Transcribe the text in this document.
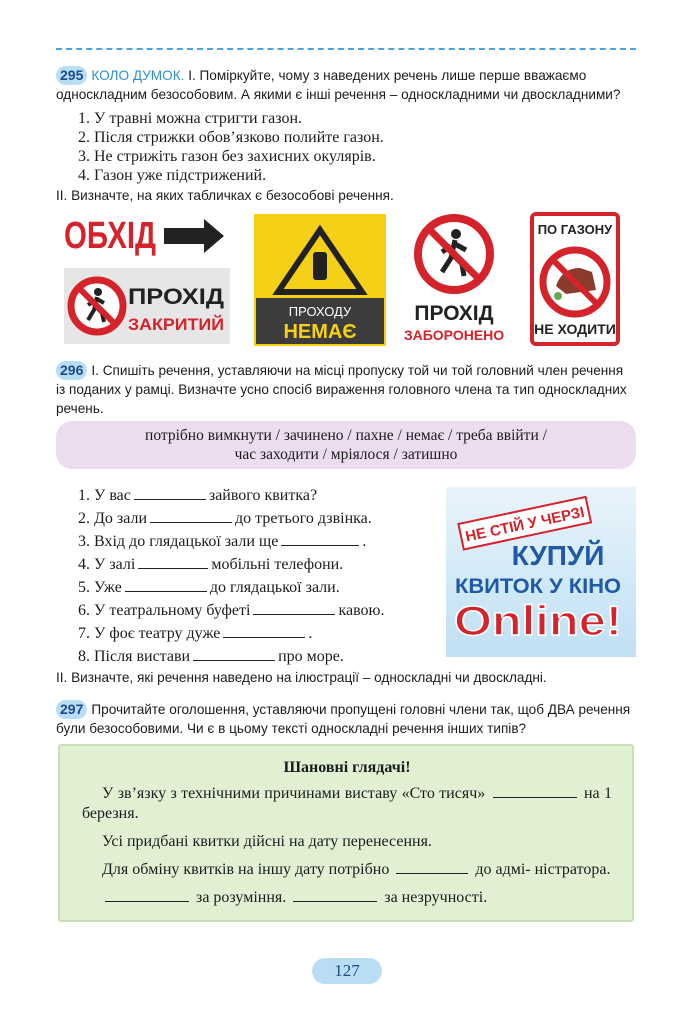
295 КОЛО ДУМОК. І. Поміркуйте, чому з наведених речень лише перше вважаємо односкладним безособовим. А якими є інші речення – односкладними чи двоскладними?
1. У травні можна стригти газон.
2. Після стрижки обов’язково полийте газон.
3. Не стрижіть газон без захисних окулярів.
4. Газон уже підстрижений.
ІІ. Визначте, на яких табличках є безособові речення.
ОБХІД
ПРОХІД
ЗАКРИТИЙ
ПРОХОДУ
НЕМАЄ
ПРОХІД
ЗАБОРОНЕНО
ПО ГАЗОНУ
НЕ ХОДИТИ
296 І. Спишіть речення, уставляючи на місці пропуску той чи той головний член речення із поданих у рамці. Визначте усно спосіб вираження головного члена та тип односкладних речень.
потрібно вимкнути / зачинено / пахне / немає / треба ввійти /
час заходити / мріялося / затишно
1. У вас	зайвого квитка?
2. До зали	до третього дзвінка.
3. Вхід до глядацької зали ще	.
4. У залі	мобільні телефони.
5. Уже	до глядацької зали.
6. У театральному буфеті	кавою.
7. У фоє театру дуже	.
8. Після вистави	про море.
НЕ СТІЙ У ЧЕРЗІ
КУПУЙ
КВИТОК У КІНО
Online!
ІІ. Визначте, які речення наведено на ілюстрації – односкладні чи двоскладні.
297 Прочитайте оголошення, уставляючи пропущені головні члени так, щоб ДВА речення були безособовими. Чи є в цьому тексті односкладні речення інших типів?
Шановні глядачі!

У зв’язку з технічними причинами виставу «Сто тисяч»	на 1 березня.

Усі придбані квитки дійсні на дату перенесення.

Для обміну квитків на іншу дату потрібно	до адмі- ністратора.

за розуміння.	за незручності.

127
